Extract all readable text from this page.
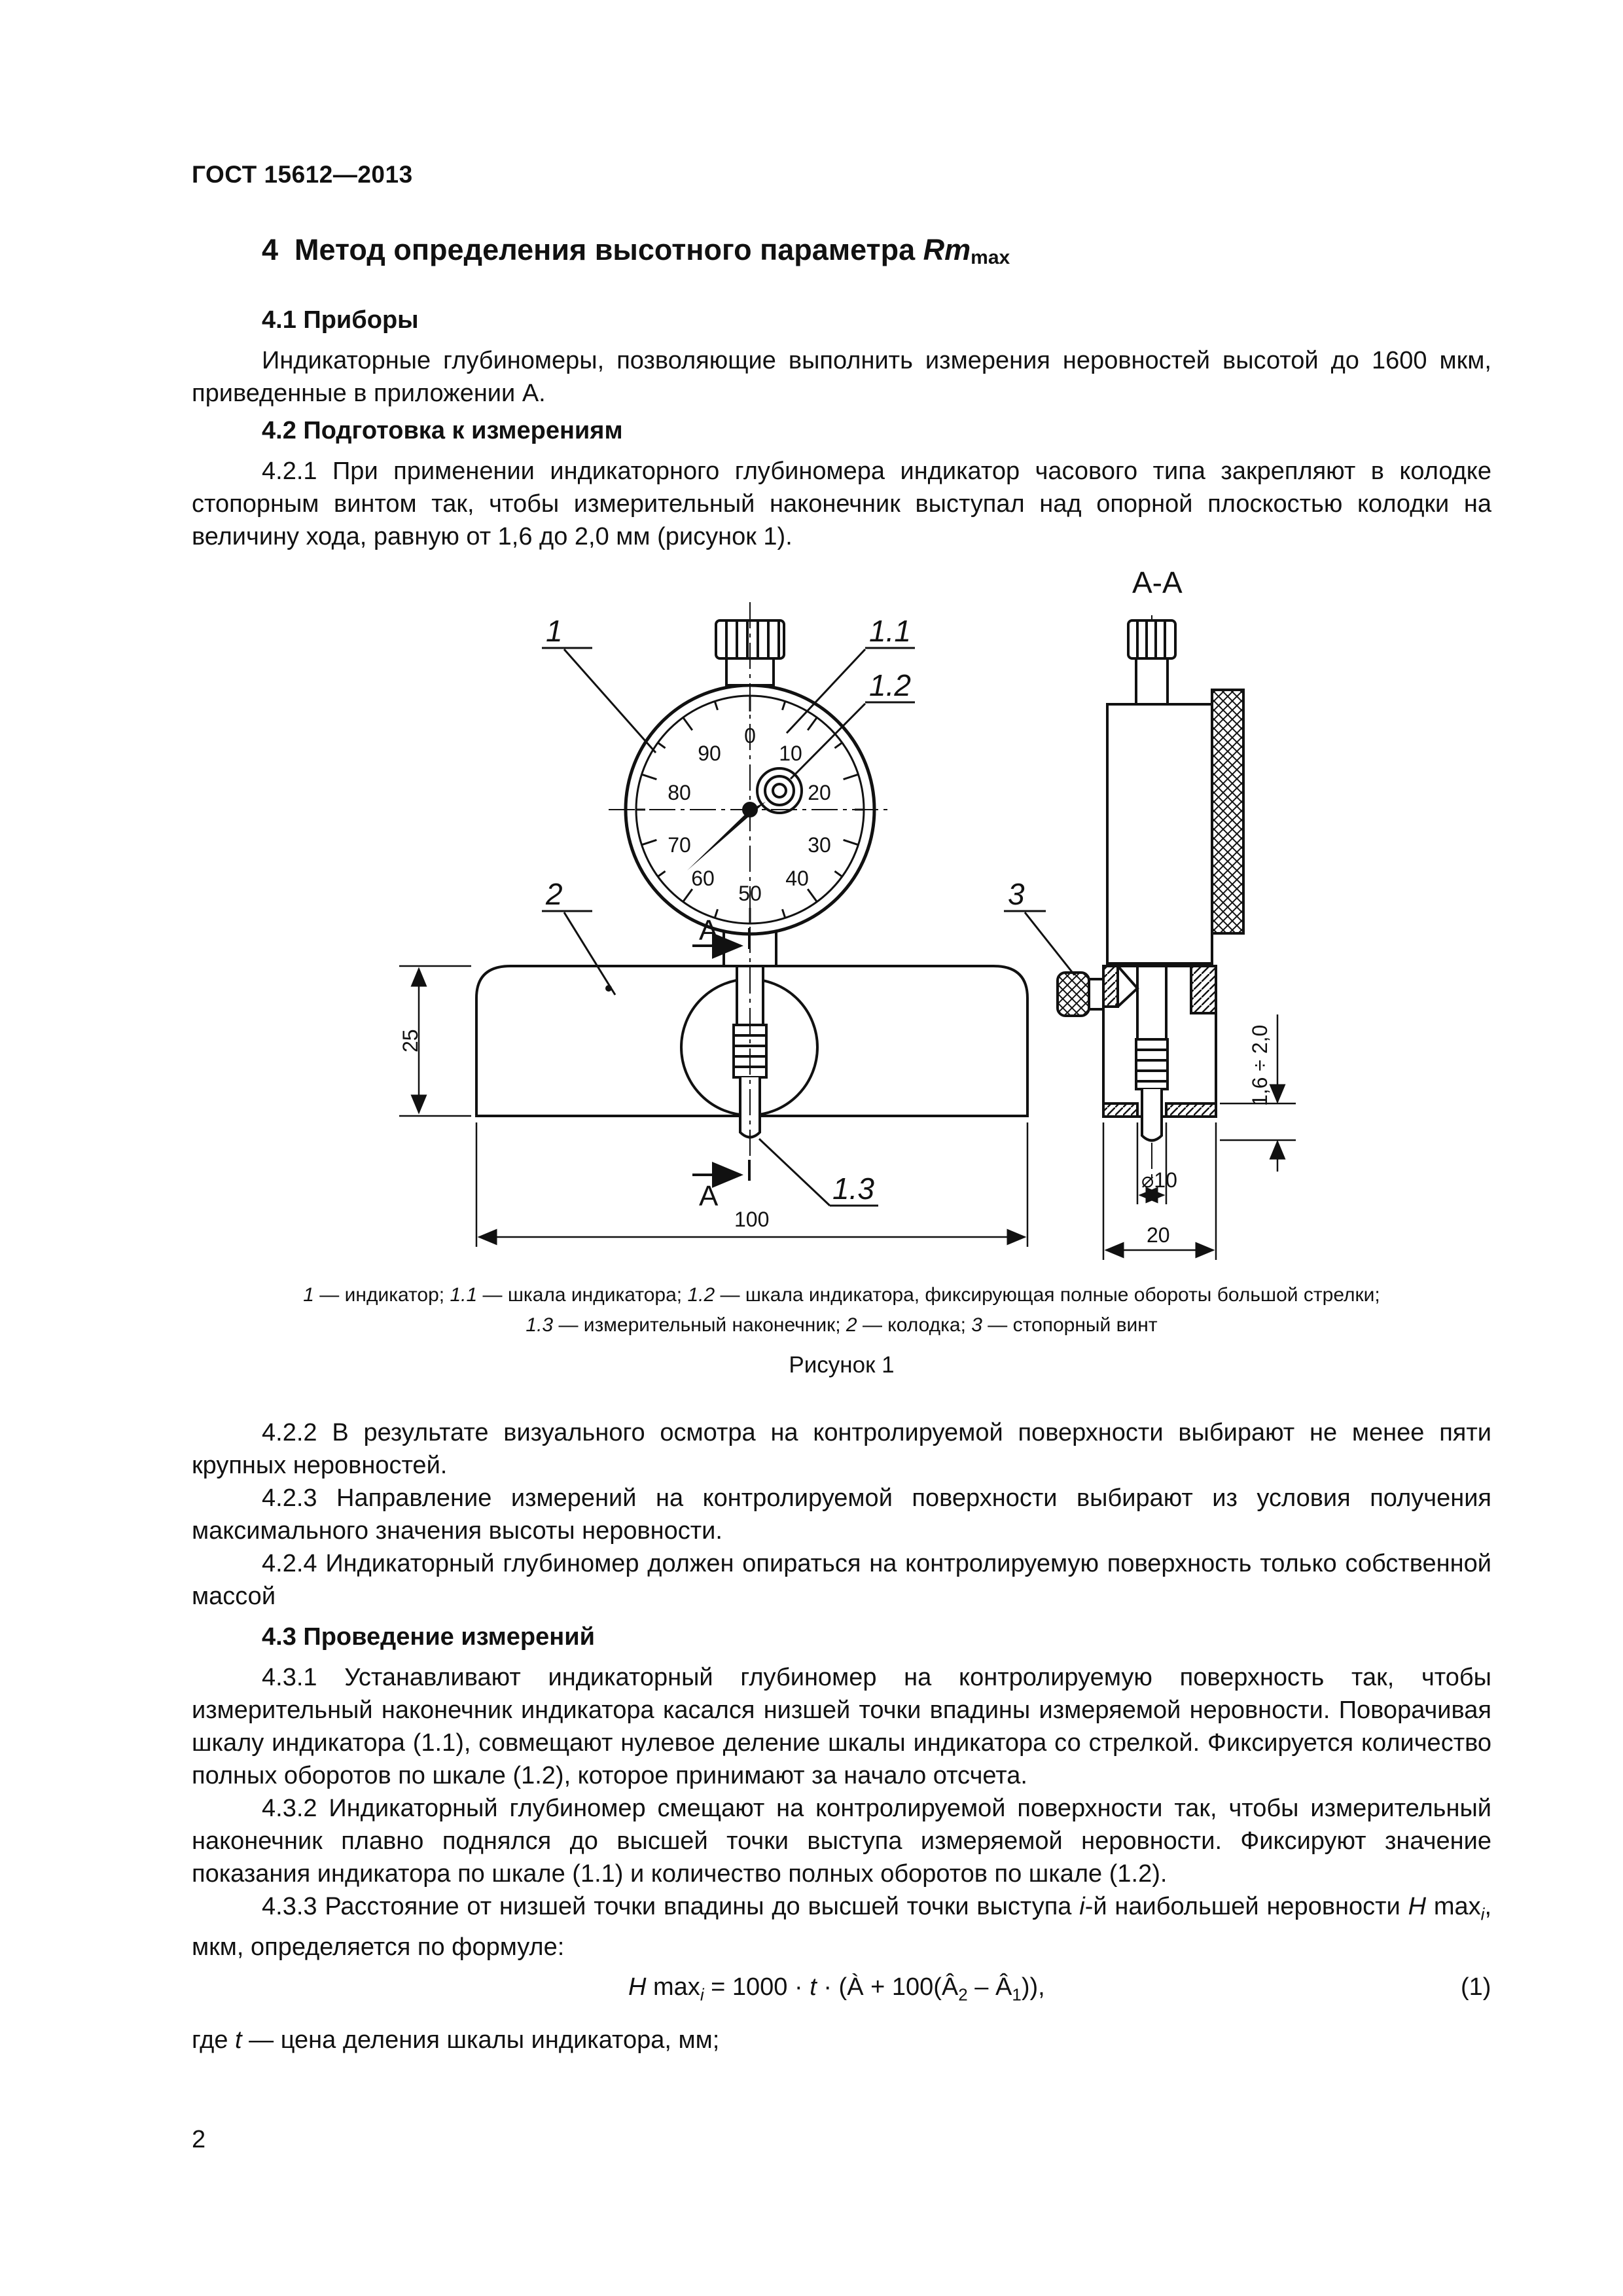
ГОСТ 15612—2013
4 Метод определения высотного параметра $Rm_{max}$
4.1 Приборы
Индикаторные глубиномеры, позволяющие выполнить измерения неровностей высотой до 1600 мкм, приведенные в приложении А.
4.2 Подготовка к измерениям
4.2.1 При применении индикаторного глубиномера индикатор часового типа закрепляют в колодке стопорным винтом так, чтобы измерительный наконечник выступал над опорной плоскостью колодки на величину хода, равную от 1,6 до 2,0 мм (рисунок 1).
0
10
20
30
40
50
60
70
80
90
1	1.1
1.2
2	3
1.3
А
А
А-А
25
100
⌀10
20
1,6 ÷ 2,0
1 — индикатор; 1.1 — шкала индикатора; 1.2 — шкала индикатора, фиксирующая полные обороты большой стрелки;
1.3 — измерительный наконечник; 2 — колодка; 3 — стопорный винт
Рисунок 1
4.2.2 В результате визуального осмотра на контролируемой поверхности выбирают не менее пяти крупных неровностей.
4.2.3 Направление измерений на контролируемой поверхности выбирают из условия получения максимального значения высоты неровности.
4.2.4 Индикаторный глубиномер должен опираться на контролируемую поверхность только собственной массой
4.3 Проведение измерений
4.3.1 Устанавливают индикаторный глубиномер на контролируемую поверхность так, чтобы измерительный наконечник индикатора касался низшей точки впадины измеряемой неровности. Поворачивая шкалу индикатора (1.1), совмещают нулевое деление шкалы индикатора со стрелкой. Фиксируется количество полных оборотов по шкале (1.2), которое принимают за начало отсчета.
4.3.2 Индикаторный глубиномер смещают на контролируемой поверхности так, чтобы измерительный наконечник плавно поднялся до высшей точки выступа измеряемой неровности. Фиксируют значение показания индикатора по шкале (1.1) и количество полных оборотов по шкале (1.2).
4.3.3 Расстояние от низшей точки впадины до высшей точки выступа i-й наибольшей неровности H $\max_i$, мкм, определяется по формуле:
H $\max_i = 1000 \cdot t$ · (À + $100(Â_2$ – $Â_1$)),	(1)
где t — цена деления шкалы индикатора, мм;
2
